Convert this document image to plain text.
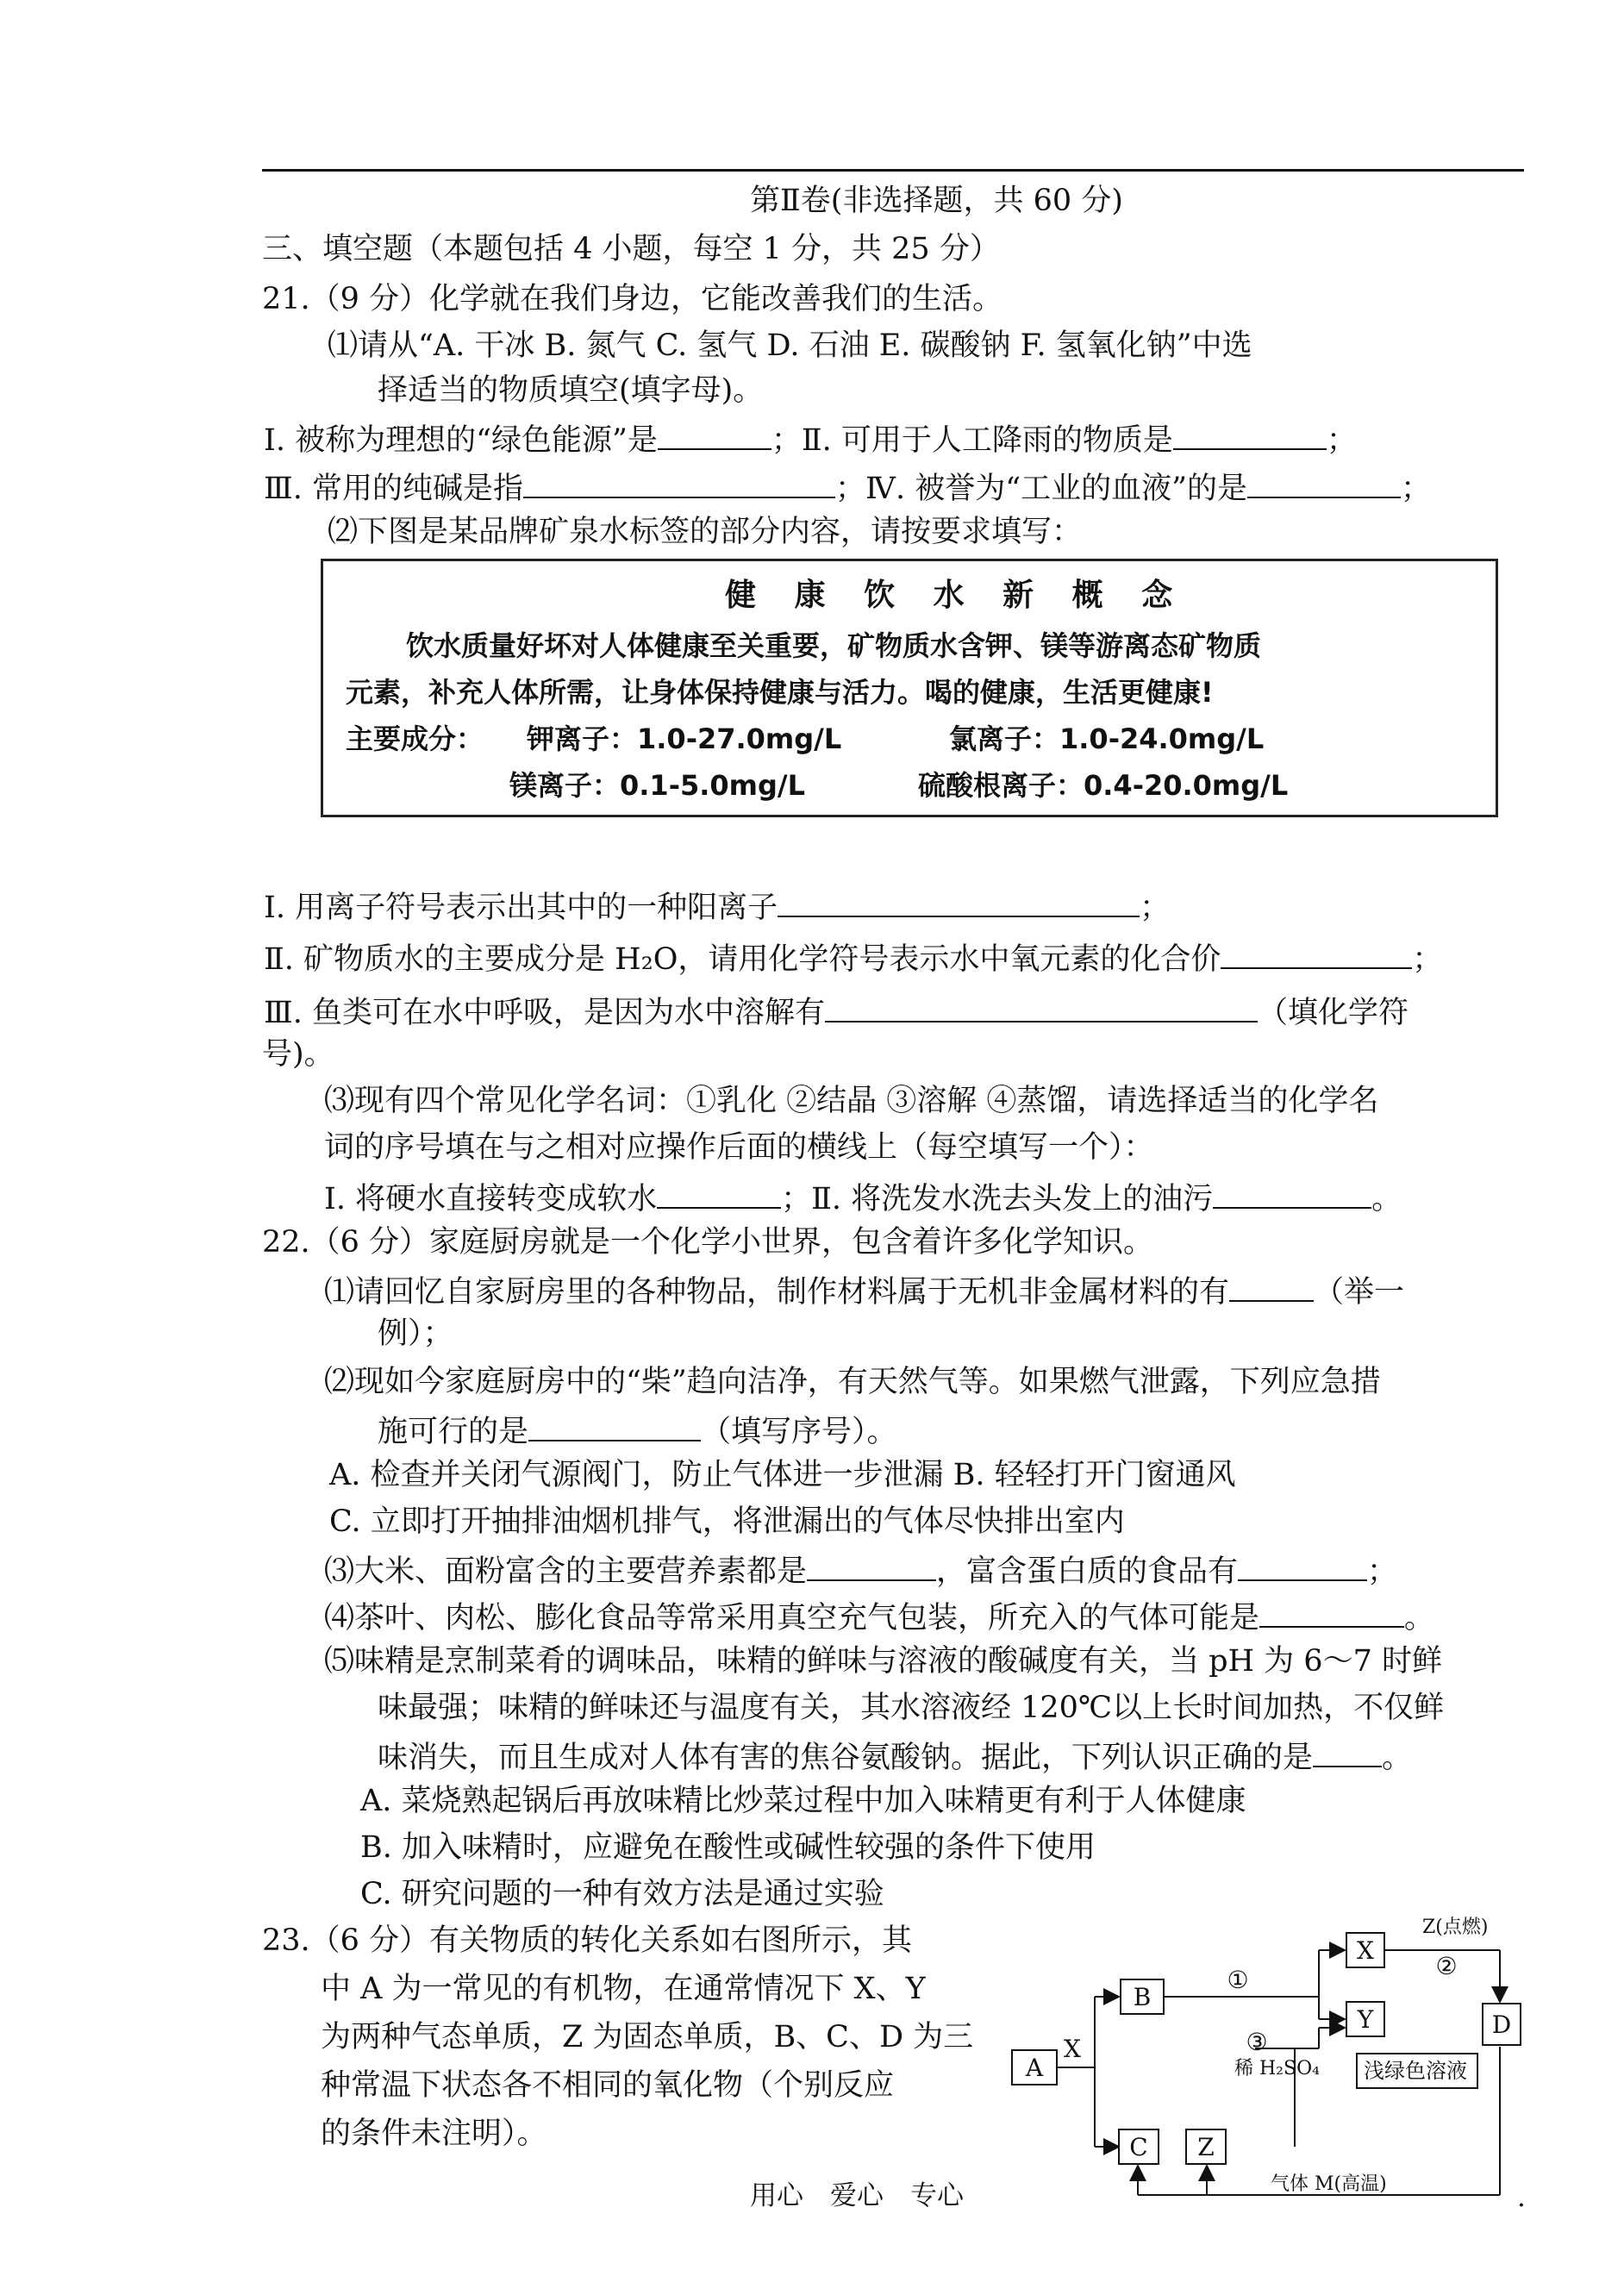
第Ⅱ卷(非选择题，共 60 分)
三、填空题（本题包括 4 小题，每空 1 分，共 25 分）
21.（9 分）化学就在我们身边，它能改善我们的生活。
⑴请从“A. 干冰 B. 氮气 C. 氢气 D. 石油 E. 碳酸钠 F. 氢氧化钠”中选
择适当的物质填空(填字母)。
Ⅰ. 被称为理想的“绿色能源”是	；Ⅱ. 可用于人工降雨的物质是	；
Ⅲ. 常用的纯碱是指	；Ⅳ. 被誉为“工业的血液”的是	；
⑵下图是某品牌矿泉水标签的部分内容，请按要求填写：
健 康 饮 水 新 概 念
饮水质量好坏对人体健康至关重要，矿物质水含钾、镁等游离态矿物质
元素，补充人体所需，让身体保持健康与活力。喝的健康，生活更健康!
主要成分： 钾离子：1.0-27.0mg/L	氯离子：1.0-24.0mg/L
镁离子：0.1-5.0mg/L	硫酸根离子：0.4-20.0mg/L
Ⅰ. 用离子符号表示出其中的一种阳离子	；
Ⅱ. 矿物质水的主要成分是 H₂O，请用化学符号表示水中氧元素的化合价	；
Ⅲ. 鱼类可在水中呼吸，是因为水中溶解有	（填化学符
号)。
⑶现有四个常见化学名词：①乳化 ②结晶 ③溶解 ④蒸馏，请选择适当的化学名
词的序号填在与之相对应操作后面的横线上（每空填写一个）：
Ⅰ. 将硬水直接转变成软水	；Ⅱ. 将洗发水洗去头发上的油污	。
22.（6 分）家庭厨房就是一个化学小世界，包含着许多化学知识。
⑴请回忆自家厨房里的各种物品，制作材料属于无机非金属材料的有	（举一
例）；
⑵现如今家庭厨房中的“柴”趋向洁净，有天然气等。如果燃气泄露，下列应急措
施可行的是	（填写序号）。
A. 检查并关闭气源阀门，防止气体进一步泄漏 B. 轻轻打开门窗通风
C. 立即打开抽排油烟机排气，将泄漏出的气体尽快排出室内
⑶大米、面粉富含的主要营养素都是	，富含蛋白质的食品有	；
⑷茶叶、肉松、膨化食品等常采用真空充气包装，所充入的气体可能是	。
⑸味精是烹制菜肴的调味品，味精的鲜味与溶液的酸碱度有关，当 pH 为 6～7 时鲜
味最强；味精的鲜味还与温度有关，其水溶液经 120℃以上长时间加热，不仅鲜
味消失，而且生成对人体有害的焦谷氨酸钠。据此，下列认识正确的是 。
A. 菜烧熟起锅后再放味精比炒菜过程中加入味精更有利于人体健康
B. 加入味精时，应避免在酸性或碱性较强的条件下使用
C. 研究问题的一种有效方法是通过实验
23.（6 分）有关物质的转化关系如右图所示，其
中 A 为一常见的有机物，在通常情况下 X、Y
为两种气态单质，Z 为固态单质，B、C、D 为三
种常温下状态各不相同的氧化物（个别反应
的条件未注明）。
A
B
C Z
X
Y	D
X
①	②
③
Z(点燃)
稀 H₂SO₄ 浅绿色溶液
气体 M(高温)
用心　爱心　专心	.
